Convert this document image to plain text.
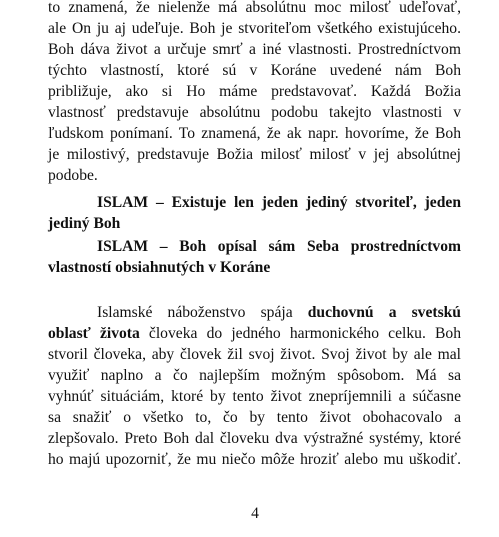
to znamená, že nielenže má absolútnu moc milosť udeľovať,
ale On ju aj udeľuje. Boh je stvoriteľom všetkého existujúceho.
Boh dáva život a určuje smrť a iné vlastnosti. Prostredníctvom
týchto vlastností, ktoré sú v Koráne uvedené nám Boh
približuje, ako si Ho máme predstavovať. Každá Božia
vlastnosť predstavuje absolútnu podobu takejto vlastnosti v
ľudskom ponímaní. To znamená, že ak napr. hovoríme, že Boh
je milostivý, predstavuje Božia milosť milosť v jej absolútnej
podobe.
ISLAM – Existuje len jeden jediný stvoriteľ, jeden
jediný Boh
ISLAM – Boh opísal sám Seba prostredníctvom
vlastností obsiahnutých v Koráne
Islamské náboženstvo spája duchovnú a svetskú
oblasť života človeka do jedného harmonického celku. Boh
stvoril človeka, aby človek žil svoj život. Svoj život by ale mal
využiť naplno a čo najlepším možným spôsobom. Má sa
vyhnúť situáciám, ktoré by tento život znepríjemnili a súčasne
sa snažiť o všetko to, čo by tento život obohacovalo a
zlepšovalo. Preto Boh dal človeku dva výstražné systémy, ktoré
ho majú upozorniť, že mu niečo môže hroziť alebo mu uškodiť.
4
